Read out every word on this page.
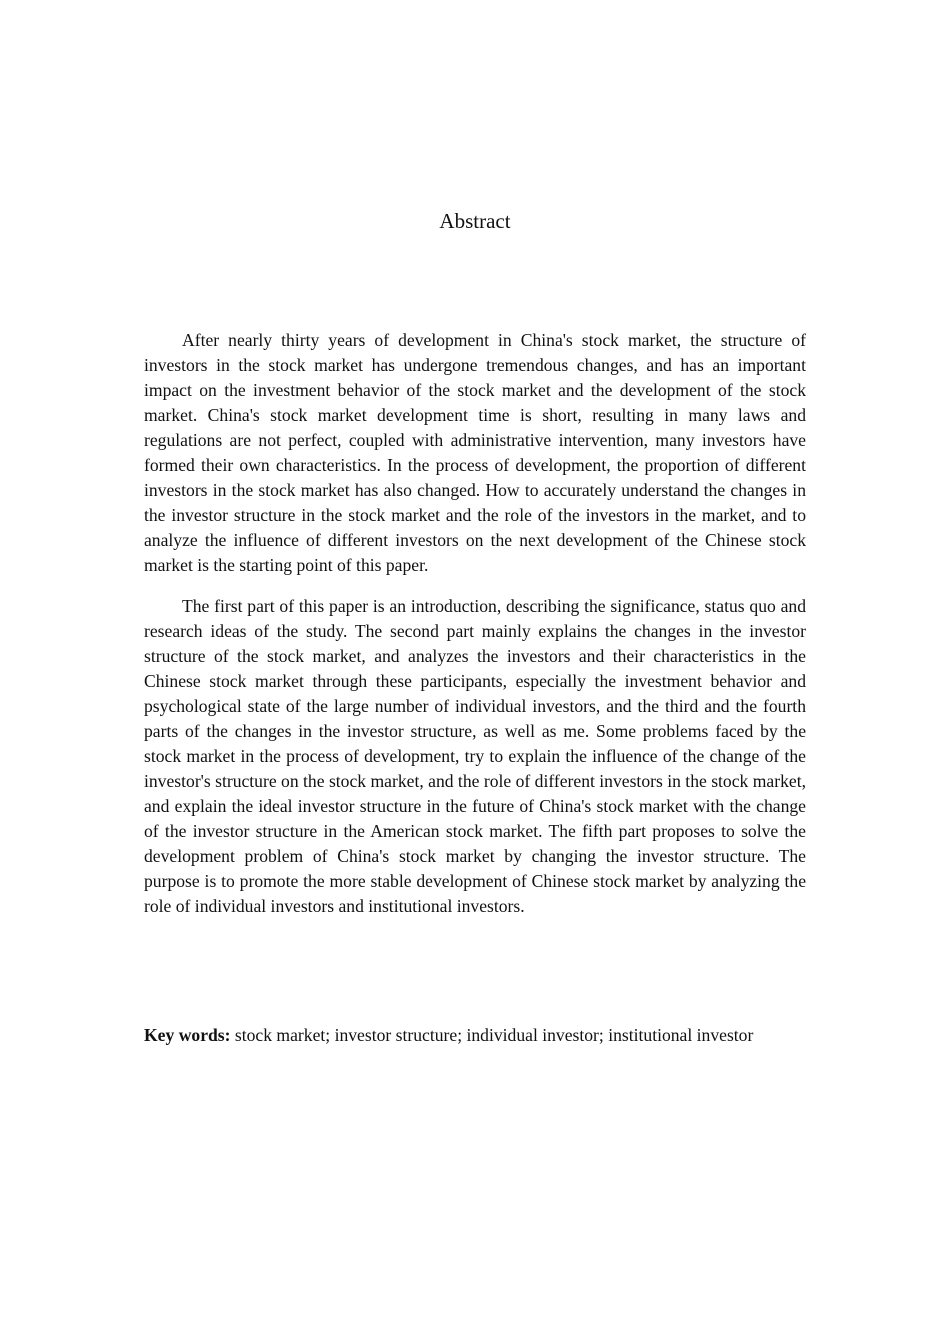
Abstract

After nearly thirty years of development in China's stock market, the structure of investors in the stock market has undergone tremendous changes, and has an important impact on the investment behavior of the stock market and the development of the stock market. China's stock market development time is short, resulting in many laws and regulations are not perfect, coupled with administrative intervention, many investors have formed their own characteristics. In the process of development, the proportion of different investors in the stock market has also changed. How to accurately understand the changes in the investor structure in the stock market and the role of the investors in the market, and to analyze the influence of different investors on the next development of the Chinese stock market is the starting point of this paper.

The first part of this paper is an introduction, describing the significance, status quo and research ideas of the study. The second part mainly explains the changes in the investor structure of the stock market, and analyzes the investors and their characteristics in the Chinese stock market through these participants, especially the investment behavior and psychological state of the large number of individual investors, and the third and the fourth parts of the changes in the investor structure, as well as me. Some problems faced by the stock market in the process of development, try to explain the influence of the change of the investor's structure on the stock market, and the role of different investors in the stock market, and explain the ideal investor structure in the future of China's stock market with the change of the investor structure in the American stock market. The fifth part proposes to solve the development problem of China's stock market by changing the investor structure. The purpose is to promote the more stable development of Chinese stock market by analyzing the role of individual investors and institutional investors.

Key words: stock market; investor structure; individual investor; institutional investor
